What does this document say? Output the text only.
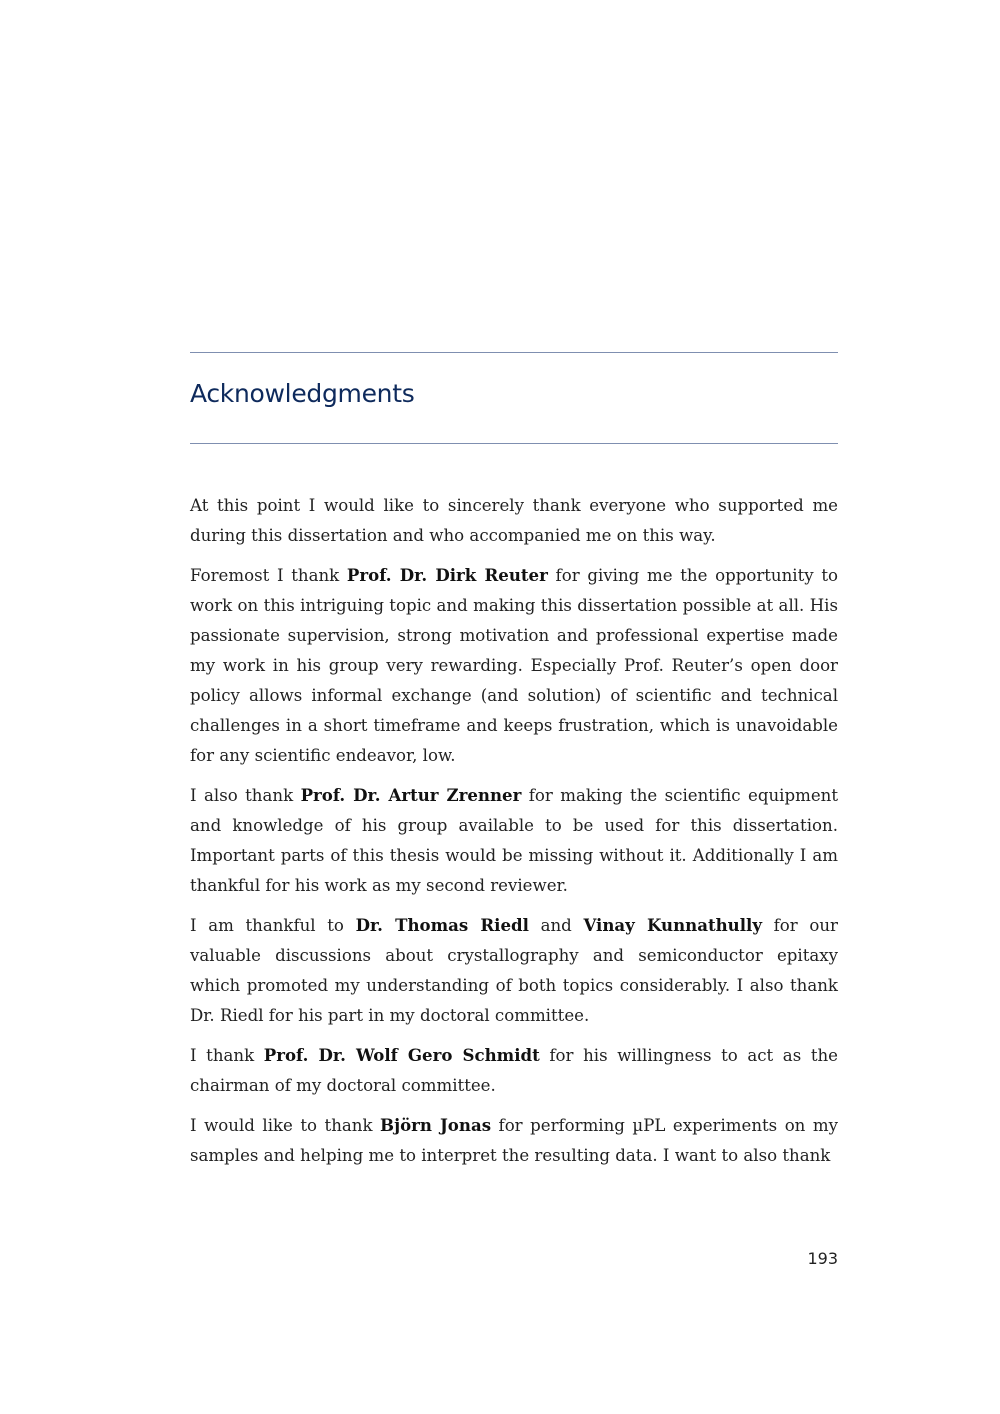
Acknowledgments

At this point I would like to sincerely thank everyone who supported me during this dissertation and who accompanied me on this way.

Foremost I thank Prof. Dr. Dirk Reuter for giving me the opportunity to work on this intriguing topic and making this dissertation possible at all. His passionate supervision, strong motivation and professional expertise made my work in his group very rewarding. Especially Prof. Reuter’s open door policy allows informal exchange (and solution) of scientific and technical challenges in a short timeframe and keeps frustration, which is unavoidable for any scientific endeavor, low.

I also thank Prof. Dr. Artur Zrenner for making the scientific equipment and knowledge of his group available to be used for this dissertation. Important parts of this thesis would be missing without it. Additionally I am thankful for his work as my second reviewer.

I am thankful to Dr. Thomas Riedl and Vinay Kunnathully for our valuable discussions about crystallography and semiconductor epitaxy which promoted my understanding of both topics considerably. I also thank Dr. Riedl for his part in my doctoral committee.

I thank Prof. Dr. Wolf Gero Schmidt for his willingness to act as the chairman of my doctoral committee.

I would like to thank Björn Jonas for performing µPL experiments on my samples and helping me to interpret the resulting data. I want to also thank

193
